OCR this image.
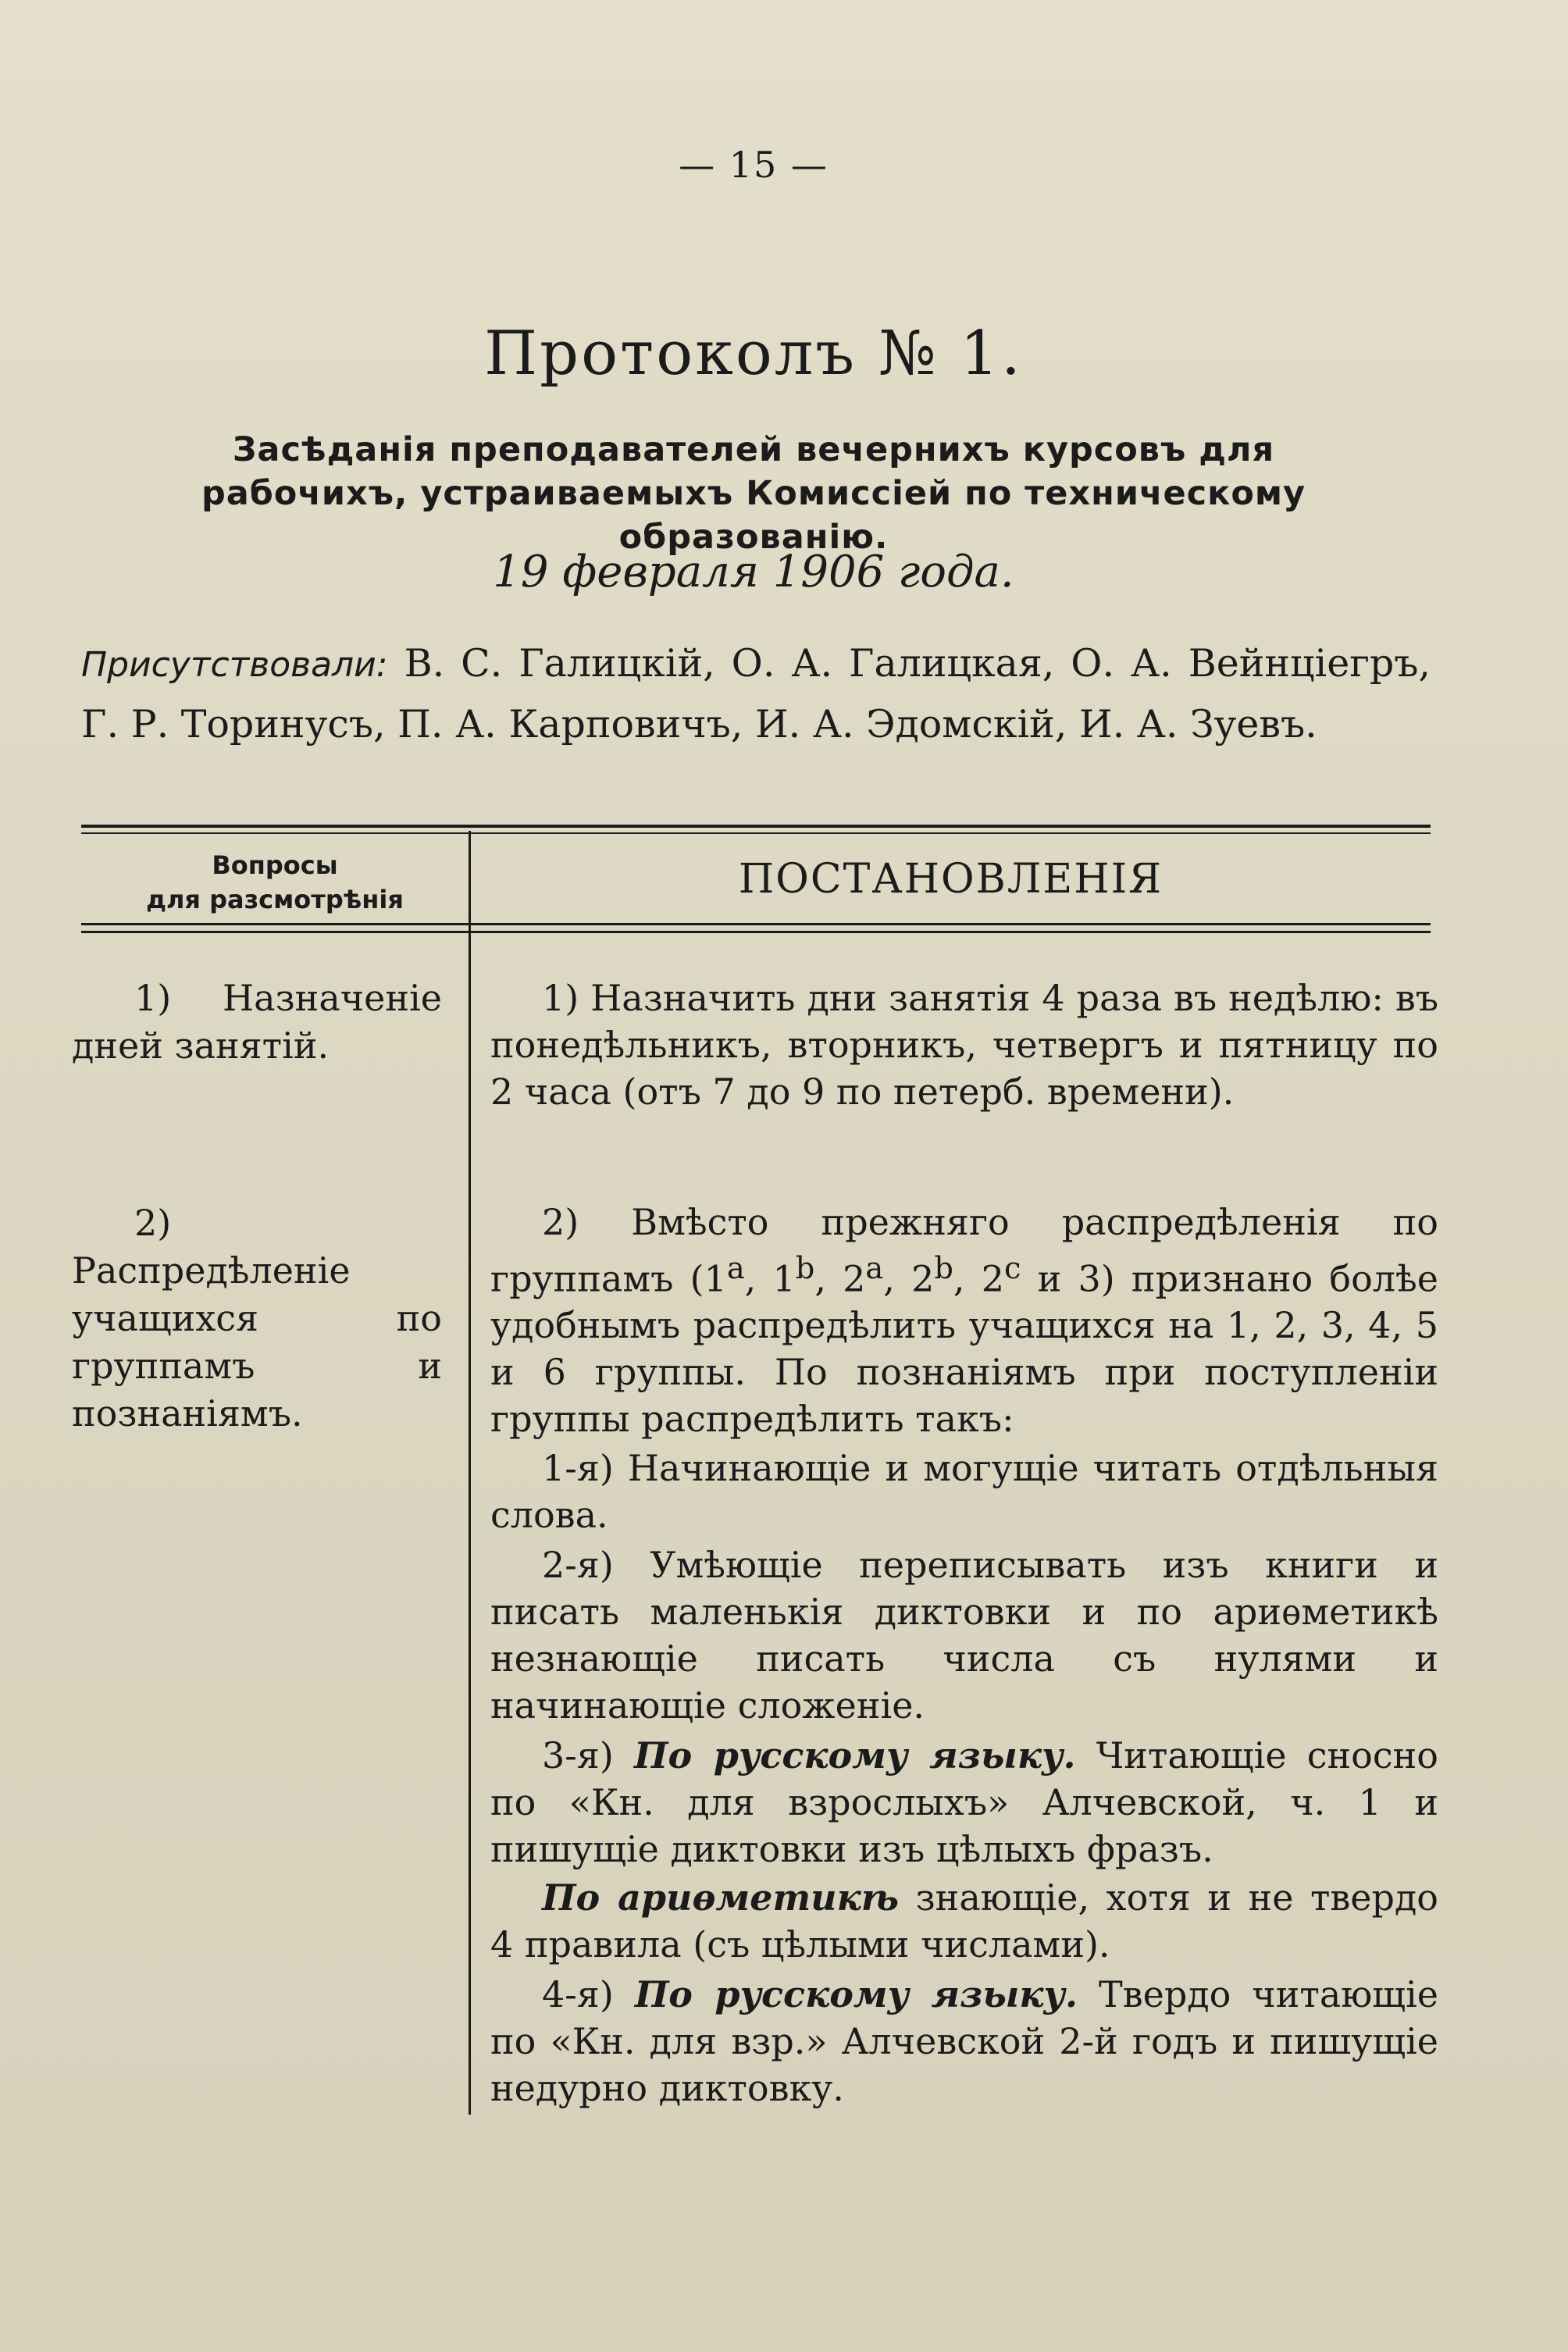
— 15 —
Протоколъ № 1.
Засѣданія преподавателей вечернихъ курсовъ для рабочихъ, устраиваемыхъ Комиссіей по техническому образованію.
19 февраля 1906 года.
Присутствовали: В. С. Галицкій, О. А. Галицкая, О. А. Вейнціегръ, Г. Р. Торинусъ, П. А. Карповичъ, И. А. Эдомскій, И. А. Зуевъ.
Вопросы
для разсмотрѣнія	ПОСТАНОВЛЕНІЯ
1) Назначеніе дней занятій.
2) Распредѣленіе учащихся по группамъ и познаніямъ.
1) Назначить дни занятія 4 раза въ недѣлю: въ понедѣльникъ, вторникъ, четвергъ и пятницу по 2 часа (отъ 7 до 9 по петерб. времени).
2) Вмѣсто прежняго распредѣленія по группамъ ($1^а$, 1$^b$, $2^а$, 2$^b$, 2$^c$ и 3) признано болѣе удобнымъ распредѣлить учащихся на 1, 2, 3, 4, 5 и 6 группы. По познаніямъ при поступленіи группы распредѣлить такъ:
1-я) Начинающіе и могущіе читать отдѣльныя слова.
2-я) Умѣющіе переписывать изъ книги и писать маленькія диктовки и по ариѳметикѣ незнающіе писать числа съ нулями и начинающіе сложеніе.
3-я) По русскому языку. Читающіе сносно по «Кн. для взрослыхъ» Алчевской, ч. 1 и пишущіе диктовки изъ цѣлыхъ фразъ.
По ариѳметикѣ знающіе, хотя и не твердо 4 правила (съ цѣлыми числами).
4-я) По русскому языку. Твердо читающіе по «Кн. для взр.» Алчевской 2-й годъ и пишущіе недурно диктовку.
